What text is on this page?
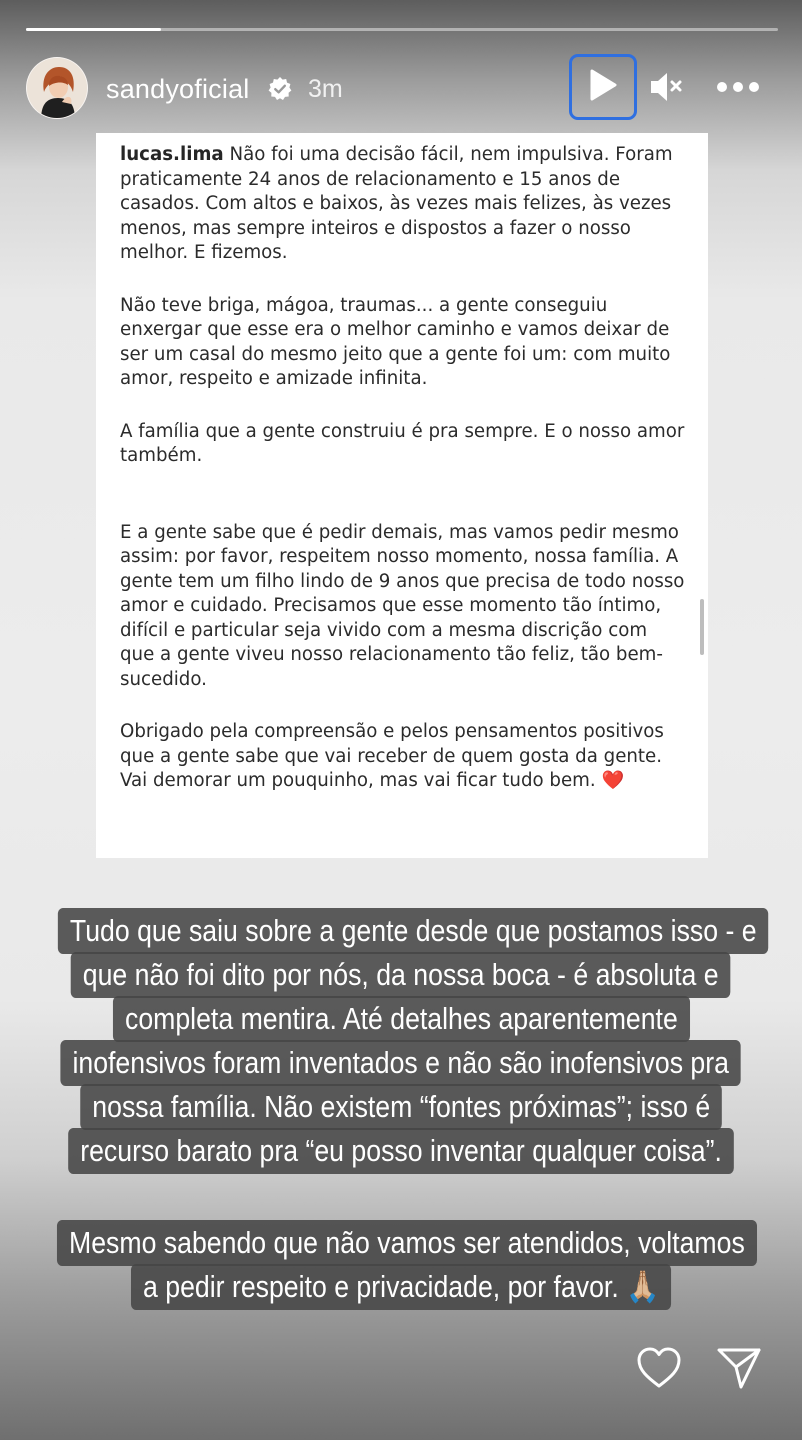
sandyoficial 3m

lucas.lima Não foi uma decisão fácil, nem impulsiva. Foram praticamente 24 anos de relacionamento e 15 anos de casados. Com altos e baixos, às vezes mais felizes, às vezes menos, mas sempre inteiros e dispostos a fazer o nosso melhor. E fizemos.

Não teve briga, mágoa, traumas... a gente conseguiu enxergar que esse era o melhor caminho e vamos deixar de ser um casal do mesmo jeito que a gente foi um: com muito amor, respeito e amizade infinita.

A família que a gente construiu é pra sempre. E o nosso amor também.

E a gente sabe que é pedir demais, mas vamos pedir mesmo assim: por favor, respeitem nosso momento, nossa família. A gente tem um filho lindo de 9 anos que precisa de todo nosso amor e cuidado. Precisamos que esse momento tão íntimo, difícil e particular seja vivido com a mesma discrição com que a gente viveu nosso relacionamento tão feliz, tão bem-sucedido.

Obrigado pela compreensão e pelos pensamentos positivos que a gente sabe que vai receber de quem gosta da gente. Vai demorar um pouquinho, mas vai ficar tudo bem. ❤️

Tudo que saiu sobre a gente desde que postamos isso - e
que não foi dito por nós, da nossa boca - é absoluta e
completa mentira. Até detalhes aparentemente
inofensivos foram inventados e não são inofensivos pra
nossa família. Não existem “fontes próximas”; isso é
recurso barato pra “eu posso inventar qualquer coisa”.
Mesmo sabendo que não vamos ser atendidos, voltamos
a pedir respeito e privacidade, por favor. 🙏🏼
